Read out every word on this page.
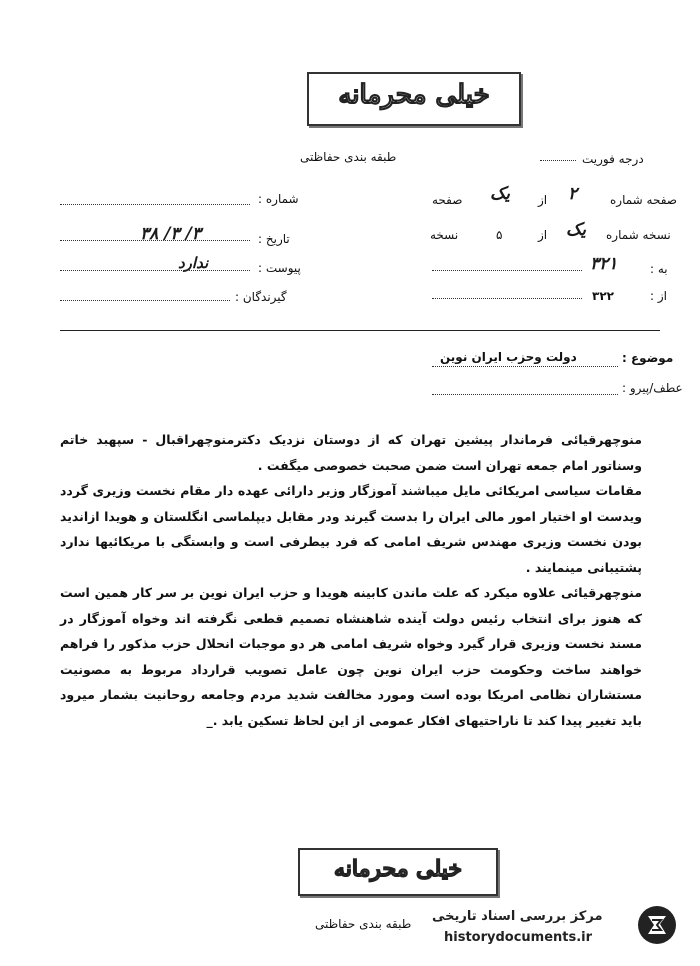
خیلی محرمانه
طبقه بندی حفاظتی	درجه فوریت
صفحه شماره
۲
از
یک
صفحه
نسخه شماره
یک
از
۵
نسخه
به :
۳۲۱
از :
۳۲۲
شماره :
تاریخ :
۳/ ۳/ ۳۸
پیوست :
ندارد
گیرندگان :
موضوع :
دولت وحزب ایران نوین
عطف/پیرو :

منوچهرقیائی فرماندار پیشین تهران که از دوستان نزدیک دکترمنوچهراقبال - سپهبد خاتم وسناتور امام جمعه تهران است ضمن صحبت خصوصی میگفت .

مقامات سیاسی امریکائی مایل میباشند آموزگار وزیر دارائی عهده دار مقام نخست وزیری گردد ویدست او اختیار امور مالی ایران را بدست گیرند ودر مقابل دیپلماسی انگلستان و هویدا ازاندید بودن نخست وزیری مهندس شریف امامی که فرد بیطرفی است و وابستگی با مریکائیها ندارد پشتیبانی مینمایند .

منوچهرقیائی علاوه میکرد که علت ماندن کابینه هویدا و حزب ایران نوین بر سر کار همین است که هنوز برای انتخاب رئیس دولت آینده شاهنشاه تصمیم قطعی نگرفته اند وخواه آموزگار در مسند نخست وزیری قرار گیرد وخواه شریف امامی هر دو موجبات انحلال حزب مذکور را فراهم خواهند ساخت وحکومت حزب ایران نوین چون عامل تصویب قرارداد مربوط به مصونیت مستشاران نظامی امریکا بوده است ومورد مخالفت شدید مردم وجامعه روحانیت بشمار میرود باید تغییر پیدا کند تا ناراحتیهای افکار عمومی از این لحاظ تسکین یابد ._

خیلی محرمانه
طبقه بندی حفاظتی مرکز بررسی اسناد تاریخی
historydocuments.ir
